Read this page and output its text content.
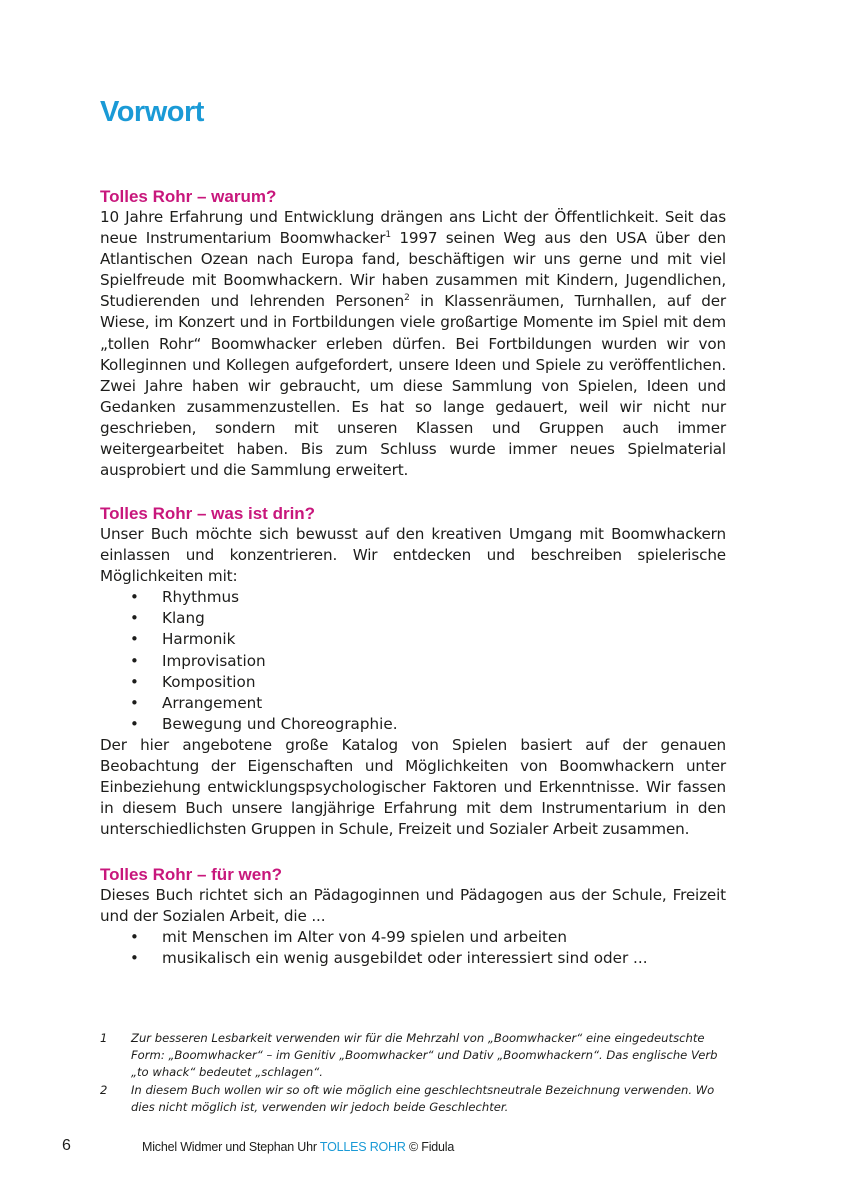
Vorwort
Tolles Rohr – warum?

10 Jahre Erfahrung und Entwicklung drängen ans Licht der Öffentlichkeit. Seit das neue Instrumentarium Boomwhacker$^1$ 1997 seinen Weg aus den USA über den Atlantischen Ozean nach Europa fand, beschäftigen wir uns gerne und mit viel Spielfreude mit Boomwhackern. Wir haben zusammen mit Kindern, Jugendlichen, Studierenden und lehrenden Personen$^2$ in Klassenräumen, Turnhallen, auf der Wiese, im Konzert und in Fortbildungen viele großartige Momente im Spiel mit dem „tollen Rohr“ Boomwhacker erleben dürfen. Bei Fortbildungen wurden wir von Kolleginnen und Kollegen aufgefordert, unsere Ideen und Spiele zu veröffentlichen. Zwei Jahre haben wir gebraucht, um diese Sammlung von Spielen, Ideen und Gedanken zusammenzustellen. Es hat so lange gedauert, weil wir nicht nur geschrieben, sondern mit unseren Klassen und Gruppen auch immer weitergearbeitet haben. Bis zum Schluss wurde immer neues Spielmaterial ausprobiert und die Sammlung erweitert.

Tolles Rohr – was ist drin?

Unser Buch möchte sich bewusst auf den kreativen Umgang mit Boomwhackern einlassen und konzentrieren. Wir entdecken und beschreiben spielerische Möglichkeiten mit:

• Rhythmus
• Klang
• Harmonik
• Improvisation
• Komposition
• Arrangement
• Bewegung und Choreographie.

Der hier angebotene große Katalog von Spielen basiert auf der genauen Beobachtung der Eigenschaften und Möglichkeiten von Boomwhackern unter Einbeziehung entwicklungspsychologischer Faktoren und Erkenntnisse. Wir fassen in diesem Buch unsere langjährige Erfahrung mit dem Instrumentarium in den unterschiedlichsten Gruppen in Schule, Freizeit und Sozialer Arbeit zusammen.

Tolles Rohr – für wen?

Dieses Buch richtet sich an Pädagoginnen und Pädagogen aus der Schule, Freizeit und der Sozialen Arbeit, die ...

• mit Menschen im Alter von 4-99 spielen und arbeiten
• musikalisch ein wenig ausgebildet oder interessiert sind oder ...
1 Zur besseren Lesbarkeit verwenden wir für die Mehrzahl von „Boomwhacker“ eine eingedeutschte Form: „Boomwhacker“ – im Genitiv „Boomwhacker“ und Dativ „Boomwhackern“. Das englische Verb „to whack“ bedeutet „schlagen“.
2 In diesem Buch wollen wir so oft wie möglich eine geschlechtsneutrale Bezeichnung verwenden. Wo dies nicht möglich ist, verwenden wir jedoch beide Geschlechter.
6	Michel Widmer und Stephan Uhr TOLLES ROHR © Fidula
